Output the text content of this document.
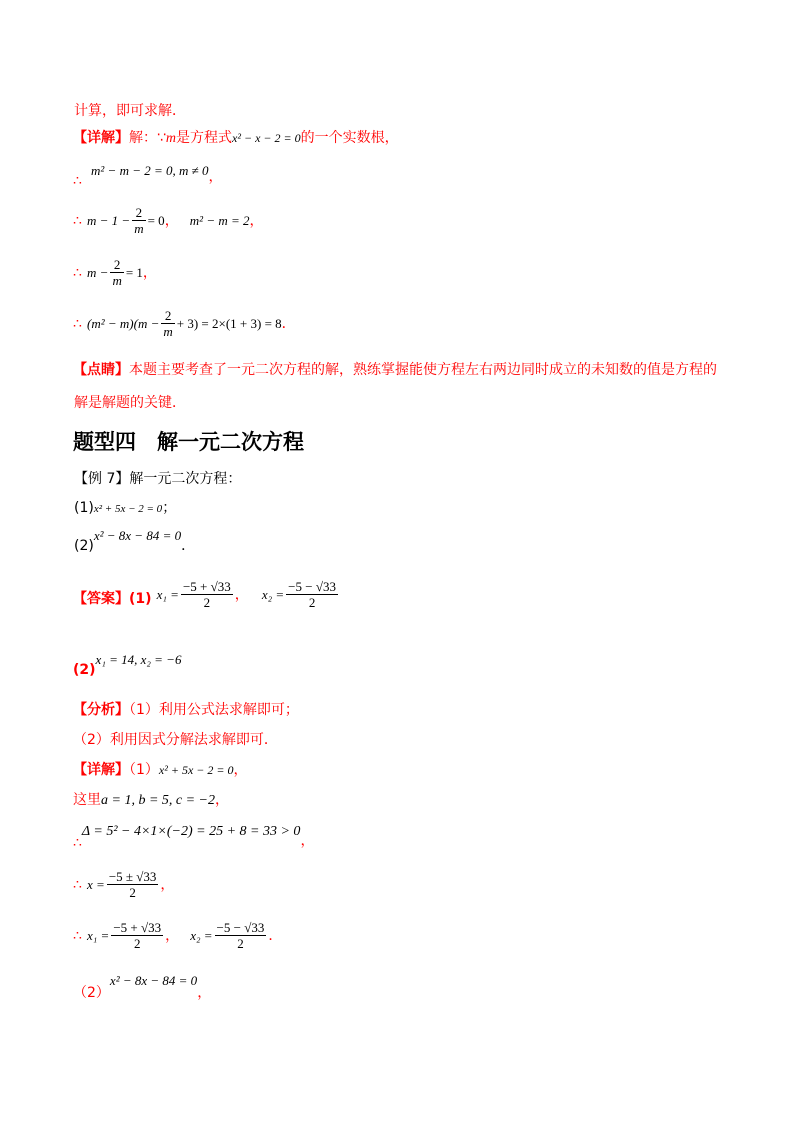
计算，即可求解．
【详解】解：∵m是方程式x² − x − 2 = 0的一个实数根，
∴ m² − m − 2 = 0, m ≠ 0，
∴ $m - 1 - \frac{2}{m} = 0$， m² − m = 2，
∴ $m - \frac{2}{m} = 1$，
∴ $(m^2 - m)(m - \frac{2}{m} + 3) = 2\times(1 + 3) = 8$．
【点睛】本题主要考查了一元二次方程的解，熟练掌握能使方程左右两边同时成立的未知数的值是方程的
解是解题的关键．
题型四　解一元二次方程
【例 7】解一元二次方程：
(1)x² + 5x − 2 = 0；
(2)x² − 8x − 84 = 0．
【答案】(1) $x_1 = \frac{-5 + √33}{2}$ ， $x_2 = \frac{-5 - √33}{2}$
(2)x₁ = 14, x₂ = −6
【分析】（1）利用公式法求解即可；
（2）利用因式分解法求解即可．
【详解】（1）x² + 5x − 2 = 0，
这里a = 1, b = 5, c = −2，
∴Δ = 5² − 4×1×(−2) = 25 + 8 = 33 > 0，
∴ $x = \frac{-5 \pm √33}{2}$ ，
∴ $x_1 = \frac{-5 + √33}{2}$ ， $x_2 = \frac{-5 - √33}{2}$ ．
（2）x² − 8x − 84 = 0，
